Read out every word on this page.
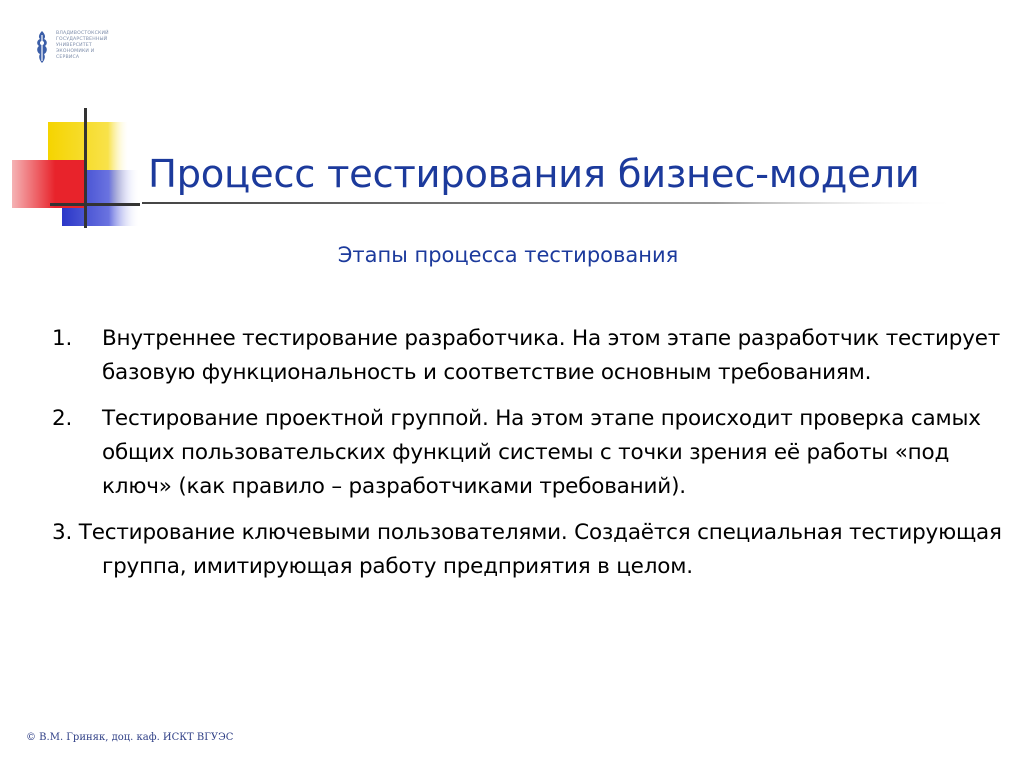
ВЛАДИВОСТОКСКИЙ
ГОСУДАРСТВЕННЫЙ
УНИВЕРСИТЕТ
ЭКОНОМИКИ И
СЕРВИСА
Процесс тестирования бизнес-модели
Этапы процесса тестирования
1.	Внутреннее тестирование разработчика. На этом этапе разработчик тестирует базовую функциональность и соответствие основным требованиям.
2.	Тестирование проектной группой. На этом этапе происходит проверка самых общих пользовательских функций системы с точки зрения её работы «под ключ» (как правило – разработчиками требований).
3. Тестирование ключевыми пользователями. Создаётся специальная тестирующая группа, имитирующая работу предприятия в целом.
© В.М. Гриняк, доц. каф. ИСКТ ВГУЭС
